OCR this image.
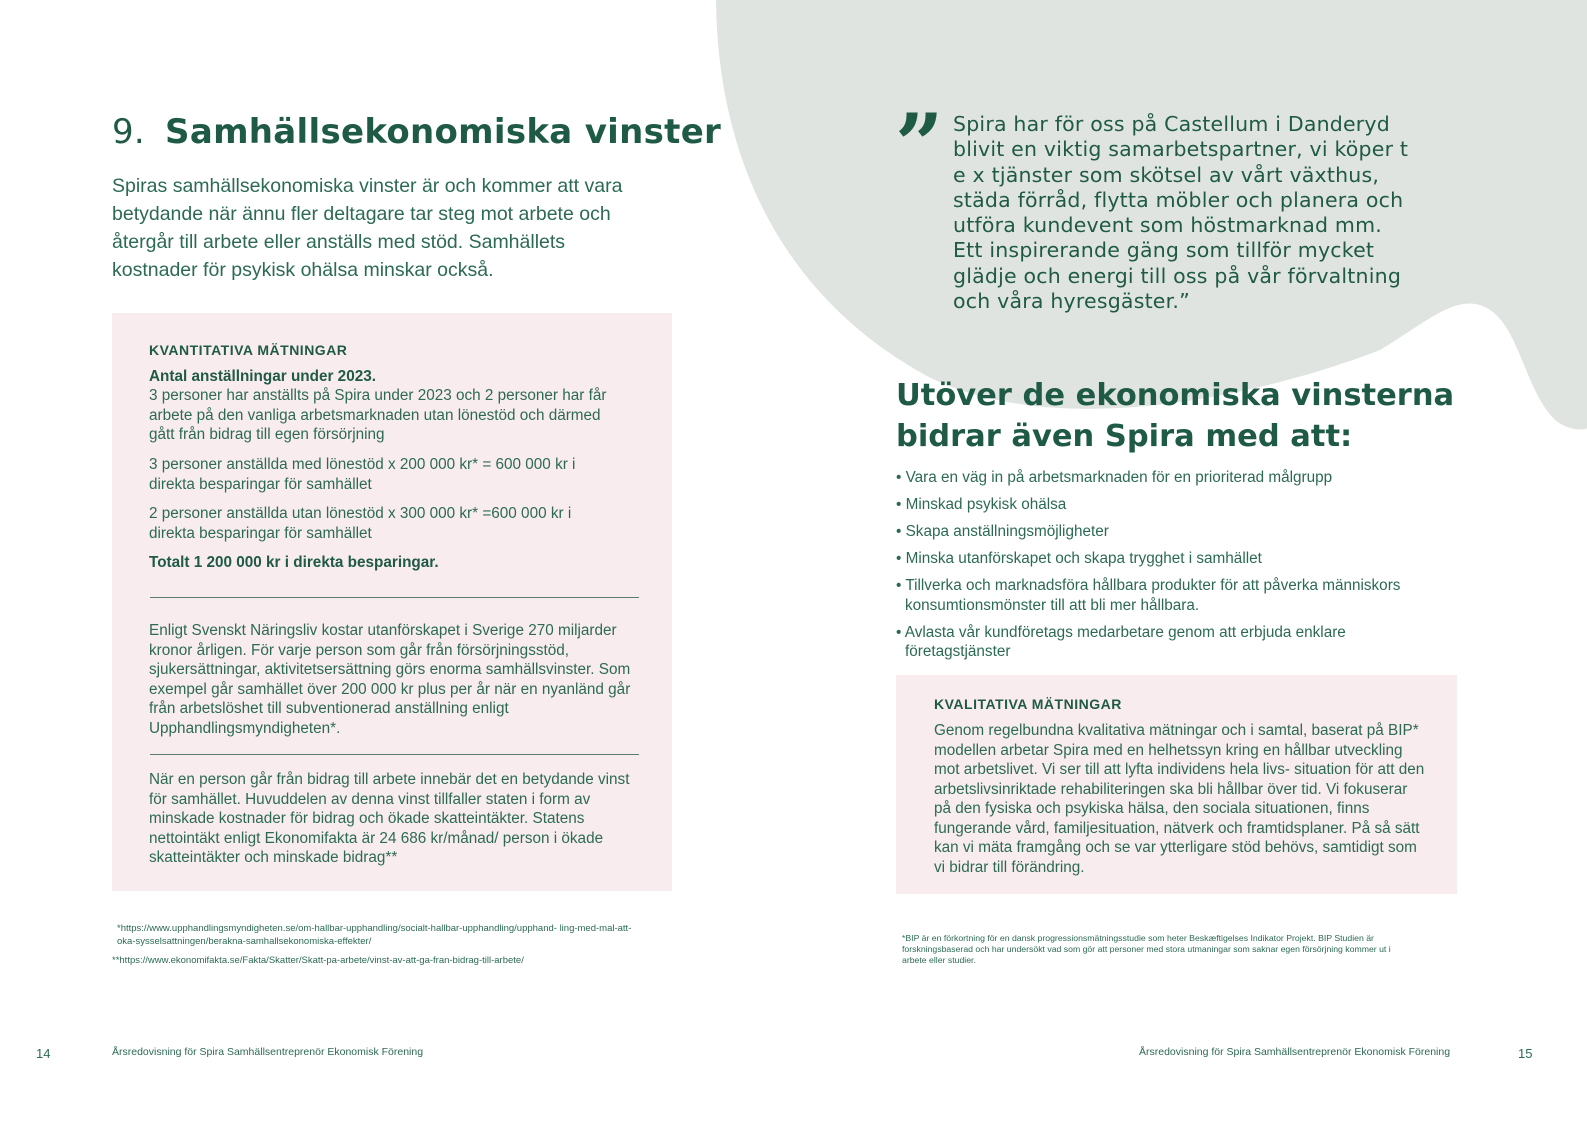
9. Samhällsekonomiska vinster
Spiras samhällsekonomiska vinster är och kommer att vara betydande när ännu fler deltagare tar steg mot arbete och återgår till arbete eller anställs med stöd. Samhällets kostnader för psykisk ohälsa minskar också.
KVANTITATIVA MÄTNINGAR
Antal anställningar under 2023.
3 personer har anställts på Spira under 2023 och 2 personer har får arbete på den vanliga arbetsmarknaden utan lönestöd och därmed gått från bidrag till egen försörjning
3 personer anställda med lönestöd x 200 000 kr* = 600 000 kr i direkta besparingar för samhället
2 personer anställda utan lönestöd x 300 000 kr* =600 000 kr i direkta besparingar för samhället
Totalt 1 200 000 kr i direkta besparingar.
Enligt Svenskt Näringsliv kostar utanförskapet i Sverige 270 miljarder kronor årligen. För varje person som går från försörjningsstöd, sjukersättningar, aktivitetsersättning görs enorma samhällsvinster. Som exempel går samhället över 200 000 kr plus per år när en nyanländ går från arbetslöshet till subventionerad anställning enligt Upphandlingsmyndigheten*.
När en person går från bidrag till arbete innebär det en betydande vinst för samhället. Huvuddelen av denna vinst tillfaller staten i form av minskade kostnader för bidrag och ökade skatteintäkter. Statens nettointäkt enligt Ekonomifakta är 24 686 kr/månad/ person i ökade skatteintäkter och minskade bidrag**
*https://www.upphandlingsmyndigheten.se/om-hallbar-upphandling/socialt-hallbar-upphandling/upphand- ling-med-mal-att-oka-sysselsattningen/berakna-samhallsekonomiska-effekter/
**https://www.ekonomifakta.se/Fakta/Skatter/Skatt-pa-arbete/vinst-av-att-ga-fran-bidrag-till-arbete/
14	Årsredovisning för Spira Samhällsentreprenör Ekonomisk Förening
” Spira har för oss på Castellum i Danderyd blivit en viktig samarbetspartner, vi köper t e x tjänster som skötsel av vårt växthus, städa förråd, flytta möbler och planera och utföra kundevent som höstmarknad mm. Ett inspirerande gäng som tillför mycket glädje och energi till oss på vår förvaltning och våra hyresgäster.”
Utöver de ekonomiska vinsterna bidrar även Spira med att:
• Vara en väg in på arbetsmarknaden för en prioriterad målgrupp
• Minskad psykisk ohälsa
• Skapa anställningsmöjligheter
• Minska utanförskapet och skapa trygghet i samhället
• Tillverka och marknadsföra hållbara produkter för att påverka människors konsumtionsmönster till att bli mer hållbara.
• Avlasta vår kundföretags medarbetare genom att erbjuda enklare företagstjänster
KVALITATIVA MÄTNINGAR
Genom regelbundna kvalitativa mätningar och i samtal, baserat på BIP* modellen arbetar Spira med en helhetssyn kring en hållbar utveckling mot arbetslivet. Vi ser till att lyfta individens hela livs- situation för att den arbetslivsinriktade rehabiliteringen ska bli hållbar över tid. Vi fokuserar på den fysiska och psykiska hälsa, den sociala situationen, finns fungerande vård, familjesituation, nätverk och framtidsplaner. På så sätt kan vi mäta framgång och se var ytterligare stöd behövs, samtidigt som vi bidrar till förändring.
*BIP är en förkortning för en dansk progressionsmätningsstudie som heter Beskæftigelses Indikator Projekt. BIP Studien är forskningsbaserad och har undersökt vad som gör att personer med stora utmaningar som saknar egen försörjning kommer ut i arbete eller studier.
Årsredovisning för Spira Samhällsentreprenör Ekonomisk Förening	15
